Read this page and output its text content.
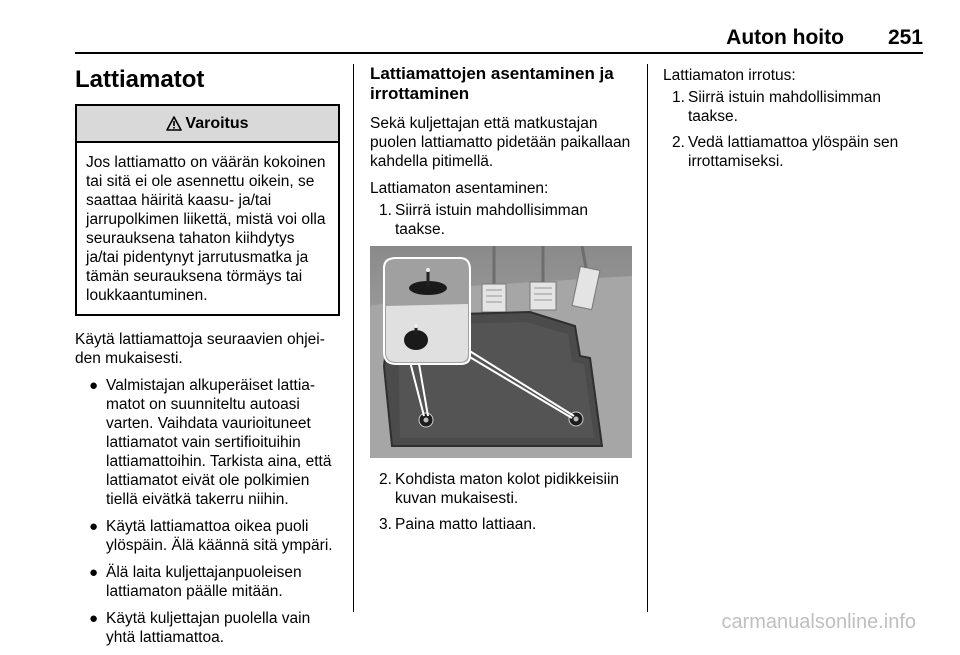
Auton hoito 251
Lattiamatot
Varoitus
Jos lattiamatto on väärän kokoinen tai sitä ei ole asennettu oikein, se saattaa häiritä kaasu- ja/tai jarrupolkimen liikettä, mistä voi olla seurauksena tahaton kiihdytys ja/tai pidentynyt jarrutusmatka ja tämän seurauksena törmäys tai loukkaantuminen.

Käytä lattiamattoja seuraavien ohjeiden mukaisesti.

● Valmistajan alkuperäiset lattiamatot on suunniteltu autoasi varten. Vaihdata vaurioituneet lattiamatot vain sertifioituihin lattiamattoihin. Tarkista aina, että lattiamatot eivät ole polkimien tiellä eivätkä takerru niihin.
● Käytä lattiamattoa oikea puoli ylöspäin. Älä käännä sitä ympäri.
● Älä laita kuljettajanpuoleisen lattiamaton päälle mitään.
● Käytä kuljettajan puolella vain yhtä lattiamattoa.
Lattiamattojen asentaminen ja irrottaminen

Sekä kuljettajan että matkustajan puolen lattiamatto pidetään paikallaan kahdella pitimellä.

Lattiamaton asentaminen:

1. Siirrä istuin mahdollisimman taakse.
2. Kohdista maton kolot pidikkeisiin kuvan mukaisesti.
3. Paina matto lattiaan.

Lattiamaton irrotus:

1. Siirrä istuin mahdollisimman taakse.
2. Vedä lattiamattoa ylöspäin sen irrottamiseksi.
carmanualsonline.info
